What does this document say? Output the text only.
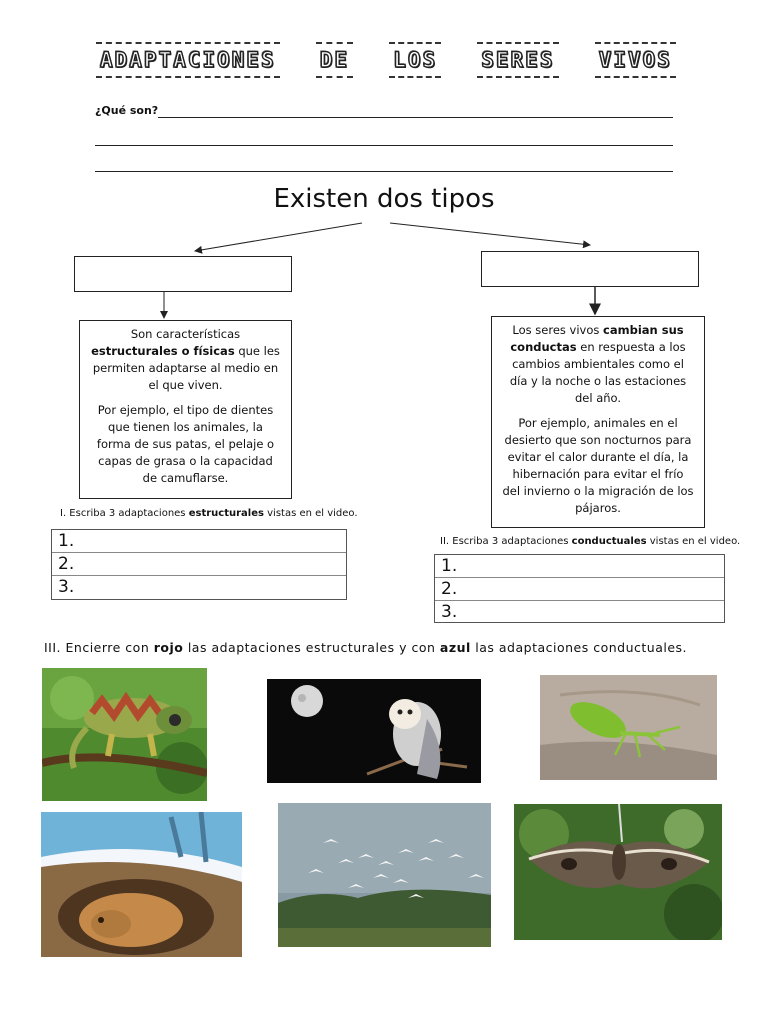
ADAPTACIONES DE LOS SERES VIVOS
¿Qué son?
Existen dos tipos

Son características estructurales o físicas que les permiten adaptarse al medio en el que viven.

Por ejemplo, el tipo de dientes que tienen los animales, la forma de sus patas, el pelaje o capas de grasa o la capacidad de camuflarse.

Los seres vivos cambian sus conductas en respuesta a los cambios ambientales como el día y la noche o las estaciones del año.

Por ejemplo, animales en el desierto que son nocturnos para evitar el calor durante el día, la hibernación para evitar el frío del invierno o la migración de los pájaros.

I. Escriba 3 adaptaciones estructurales vistas en el video.
1.
2.
3.
II. Escriba 3 adaptaciones conductuales vistas en el video.
1.
2.
3.
III. Encierre con rojo las adaptaciones estructurales y con azul las adaptaciones conductuales.
